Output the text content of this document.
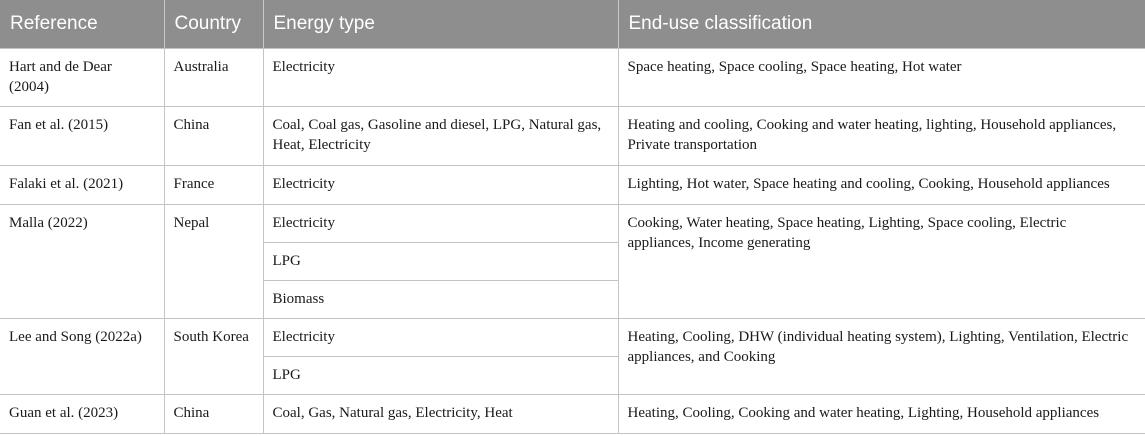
Reference	Country	Energy type	End-use classification
Hart and de Dear (2004)	Australia	Electricity	Space heating, Space cooling, Space heating, Hot water
Fan et al. (2015)	China	Coal, Coal gas, Gasoline and diesel, LPG, Natural gas, Heat, Electricity	Heating and cooling, Cooking and water heating, lighting, Household appliances, Private transportation
Falaki et al. (2021)	France	Electricity	Lighting, Hot water, Space heating and cooling, Cooking, Household appliances
Malla (2022)	Nepal	Electricity	Cooking, Water heating, Space heating, Lighting, Space cooling, Electric appliances, Income generating
		LPG	
		Biomass	
Lee and Song (2022a)	South Korea	Electricity	Heating, Cooling, DHW (individual heating system), Lighting, Ventilation, Electric appliances, and Cooking
		LPG	
Guan et al. (2023)	China	Coal, Gas, Natural gas, Electricity, Heat	Heating, Cooling, Cooking and water heating, Lighting, Household appliances
